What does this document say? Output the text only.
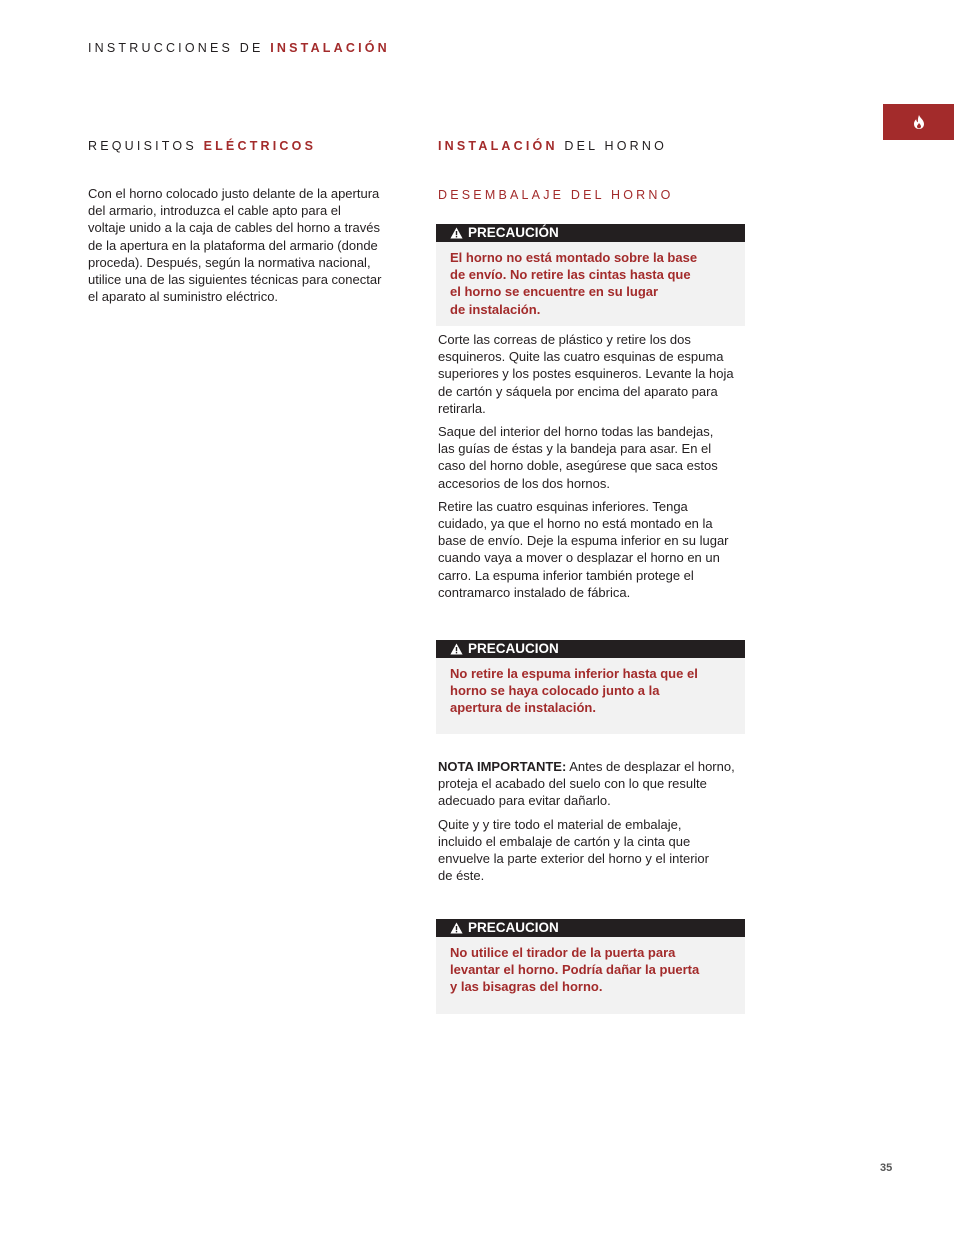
INSTRUCCIONES DE INSTALACIÓN
REQUISITOS ELÉCTRICOS
Con el horno colocado justo delante de la apertura
del armario, introduzca el cable apto para el
voltaje unido a la caja de cables del horno a través
de la apertura en la plataforma del armario (donde
proceda). Después, según la normativa nacional,
utilice una de las siguientes técnicas para conectar
el aparato al suministro eléctrico.
INSTALACIÓN DEL HORNO
DESEMBALAJE DEL HORNO
PRECAUCIÓN
El horno no está montado sobre la base
de envío. No retire las cintas hasta que
el horno se encuentre en su lugar
de instalación.

Corte las correas de plástico y retire los dos
esquineros. Quite las cuatro esquinas de espuma
superiores y los postes esquineros. Levante la hoja
de cartón y sáquela por encima del aparato para
retirarla.

Saque del interior del horno todas las bandejas,
las guías de éstas y la bandeja para asar. En el
caso del horno doble, asegúrese que saca estos
accesorios de los dos hornos.

Retire las cuatro esquinas inferiores. Tenga
cuidado, ya que el horno no está montado en la
base de envío. Deje la espuma inferior en su lugar
cuando vaya a mover o desplazar el horno en un
carro. La espuma inferior también protege el
contramarco instalado de fábrica.

PRECAUCION
No retire la espuma inferior hasta que el
horno se haya colocado junto a la
apertura de instalación.

NOTA IMPORTANTE: Antes de desplazar el horno,
proteja el acabado del suelo con lo que resulte
adecuado para evitar dañarlo.

Quite y y tire todo el material de embalaje,
incluido el embalaje de cartón y la cinta que
envuelve la parte exterior del horno y el interior
de éste.

PRECAUCION
No utilice el tirador de la puerta para
levantar el horno. Podría dañar la puerta
y las bisagras del horno.
35
